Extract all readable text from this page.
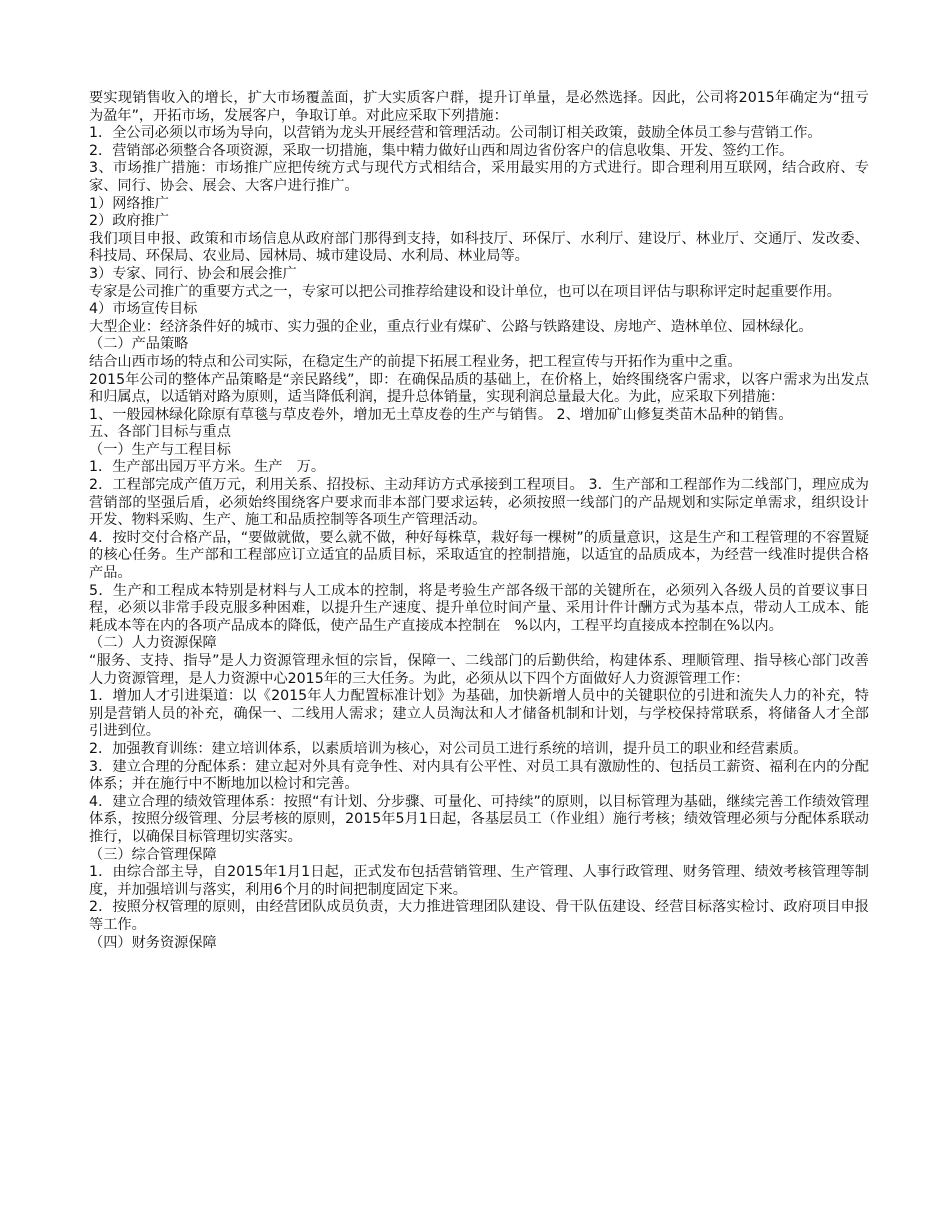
要实现销售收入的增长，扩大市场覆盖面，扩大实质客户群，提升订单量，是必然选择。因此，公司将2015年确定为“扭亏为盈年”，开拓市场，发展客户，争取订单。对此应采取下列措施：

1．全公司必须以市场为导向，以营销为龙头开展经营和管理活动。公司制订相关政策，鼓励全体员工参与营销工作。

2．营销部必须整合各项资源，采取一切措施，集中精力做好山西和周边省份客户的信息收集、开发、签约工作。

3、市场推广措施：市场推广应把传统方式与现代方式相结合，采用最实用的方式进行。即合理利用互联网，结合政府、专家、同行、协会、展会、大客户进行推广。

1）网络推广

2）政府推广

我们项目申报、政策和市场信息从政府部门那得到支持，如科技厅、环保厅、水利厅、建设厅、林业厅、交通厅、发改委、科技局、环保局、农业局、园林局、城市建设局、水利局、林业局等。

3）专家、同行、协会和展会推广

专家是公司推广的重要方式之一，专家可以把公司推荐给建设和设计单位，也可以在项目评估与职称评定时起重要作用。

4）市场宣传目标

大型企业：经济条件好的城市、实力强的企业，重点行业有煤矿、公路与铁路建设、房地产、造林单位、园林绿化。

（二）产品策略

结合山西市场的特点和公司实际，在稳定生产的前提下拓展工程业务，把工程宣传与开拓作为重中之重。

2015年公司的整体产品策略是“亲民路线”，即：在确保品质的基础上，在价格上，始终围绕客户需求，以客户需求为出发点和归属点，以适销对路为原则，适当降低利润，提升总体销量，实现利润总量最大化。为此，应采取下列措施：

1、一般园林绿化除原有草毯与草皮卷外，增加无土草皮卷的生产与销售。 2、增加矿山修复类苗木品种的销售。

五、各部门目标与重点

（一）生产与工程目标

1．生产部出园万平方米。生产　万。

2．工程部完成产值万元，利用关系、招投标、主动拜访方式承接到工程项目。 3．生产部和工程部作为二线部门，理应成为营销部的坚强后盾，必须始终围绕客户要求而非本部门要求运转，必须按照一线部门的产品规划和实际定单需求，组织设计开发、物料采购、生产、施工和品质控制等各项生产管理活动。

4．按时交付合格产品，“要做就做，要么就不做，种好每株草，栽好每一棵树”的质量意识，这是生产和工程管理的不容置疑的核心任务。生产部和工程部应订立适宜的品质目标，采取适宜的控制措施，以适宜的品质成本，为经营一线准时提供合格产品。

5．生产和工程成本特别是材料与人工成本的控制，将是考验生产部各级干部的关键所在，必须列入各级人员的首要议事日程，必须以非常手段克服多种困难，以提升生产速度、提升单位时间产量、采用计件计酬方式为基本点，带动人工成本、能耗成本等在内的各项产品成本的降低，使产品生产直接成本控制在　%以内，工程平均直接成本控制在%以内。

（二）人力资源保障

“服务、支持、指导”是人力资源管理永恒的宗旨，保障一、二线部门的后勤供给，构建体系、理顺管理、指导核心部门改善人力资源管理，是人力资源中心2015年的三大任务。为此，必须从以下四个方面做好人力资源管理工作：

1．增加人才引进渠道：以《2015年人力配置标准计划》为基础，加快新增人员中的关键职位的引进和流失人力的补充，特别是营销人员的补充，确保一、二线用人需求；建立人员淘汰和人才储备机制和计划，与学校保持常联系，将储备人才全部引进到位。

2．加强教育训练：建立培训体系，以素质培训为核心，对公司员工进行系统的培训，提升员工的职业和经营素质。

3．建立合理的分配体系：建立起对外具有竞争性、对内具有公平性、对员工具有激励性的、包括员工薪资、福利在内的分配体系；并在施行中不断地加以检讨和完善。

4．建立合理的绩效管理体系：按照“有计划、分步骤、可量化、可持续”的原则，以目标管理为基础，继续完善工作绩效管理体系，按照分级管理、分层考核的原则，2015年5月1日起，各基层员工（作业组）施行考核；绩效管理必须与分配体系联动推行，以确保目标管理切实落实。

（三）综合管理保障

1．由综合部主导，自2015年1月1日起，正式发布包括营销管理、生产管理、人事行政管理、财务管理、绩效考核管理等制度，并加强培训与落实，利用6个月的时间把制度固定下来。

2．按照分权管理的原则，由经营团队成员负责，大力推进管理团队建设、骨干队伍建设、经营目标落实检讨、政府项目申报等工作。

（四）财务资源保障
